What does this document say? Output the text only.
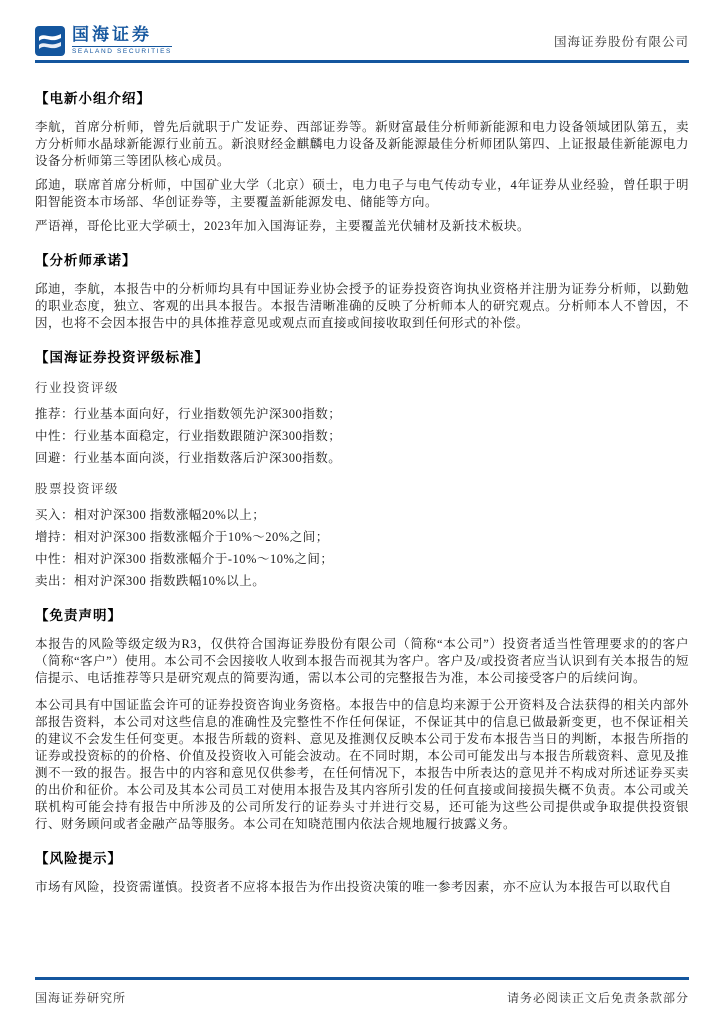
国海证券
SEALAND SECURITIES
国海证券股份有限公司
【电新小组介绍】

李航，首席分析师，曾先后就职于广发证券、西部证券等。新财富最佳分析师新能源和电力设备领域团队第五，卖方分析师水晶球新能源行业前五。新浪财经金麒麟电力设备及新能源最佳分析师团队第四、上证报最佳新能源电力设备分析师第三等团队核心成员。

邱迪，联席首席分析师，中国矿业大学（北京）硕士，电力电子与电气传动专业，4年证券从业经验，曾任职于明阳智能资本市场部、华创证券等，主要覆盖新能源发电、储能等方向。

严语禅，哥伦比亚大学硕士，2023年加入国海证券，主要覆盖光伏辅材及新技术板块。

【分析师承诺】

邱迪，李航，本报告中的分析师均具有中国证券业协会授予的证券投资咨询执业资格并注册为证券分析师，以勤勉的职业态度，独立、客观的出具本报告。本报告清晰准确的反映了分析师本人的研究观点。分析师本人不曾因，不因，也将不会因本报告中的具体推荐意见或观点而直接或间接收取到任何形式的补偿。

【国海证券投资评级标准】
行业投资评级

推荐：行业基本面向好，行业指数领先沪深300指数；

中性：行业基本面稳定，行业指数跟随沪深300指数；

回避：行业基本面向淡，行业指数落后沪深300指数。

股票投资评级

买入：相对沪深300 指数涨幅20%以上；

增持：相对沪深300 指数涨幅介于10%～20%之间；

中性：相对沪深300 指数涨幅介于-10%～10%之间；

卖出：相对沪深300 指数跌幅10%以上。

【免责声明】

本报告的风险等级定级为R3，仅供符合国海证券股份有限公司（简称“本公司”）投资者适当性管理要求的的客户（简称“客户”）使用。本公司不会因接收人收到本报告而视其为客户。客户及/或投资者应当认识到有关本报告的短信提示、电话推荐等只是研究观点的简要沟通，需以本公司的完整报告为准，本公司接受客户的后续问询。

本公司具有中国证监会许可的证券投资咨询业务资格。本报告中的信息均来源于公开资料及合法获得的相关内部外部报告资料，本公司对这些信息的准确性及完整性不作任何保证，不保证其中的信息已做最新变更，也不保证相关的建议不会发生任何变更。本报告所载的资料、意见及推测仅反映本公司于发布本报告当日的判断，本报告所指的证券或投资标的的价格、价值及投资收入可能会波动。在不同时期，本公司可能发出与本报告所载资料、意见及推测不一致的报告。报告中的内容和意见仅供参考，在任何情况下，本报告中所表达的意见并不构成对所述证券买卖的出价和征价。本公司及其本公司员工对使用本报告及其内容所引发的任何直接或间接损失概不负责。本公司或关联机构可能会持有报告中所涉及的公司所发行的证券头寸并进行交易，还可能为这些公司提供或争取提供投资银行、财务顾问或者金融产品等服务。本公司在知晓范围内依法合规地履行披露义务。

【风险提示】

市场有风险，投资需谨慎。投资者不应将本报告为作出投资决策的唯一参考因素，亦不应认为本报告可以取代自

国海证券研究所	请务必阅读正文后免责条款部分
